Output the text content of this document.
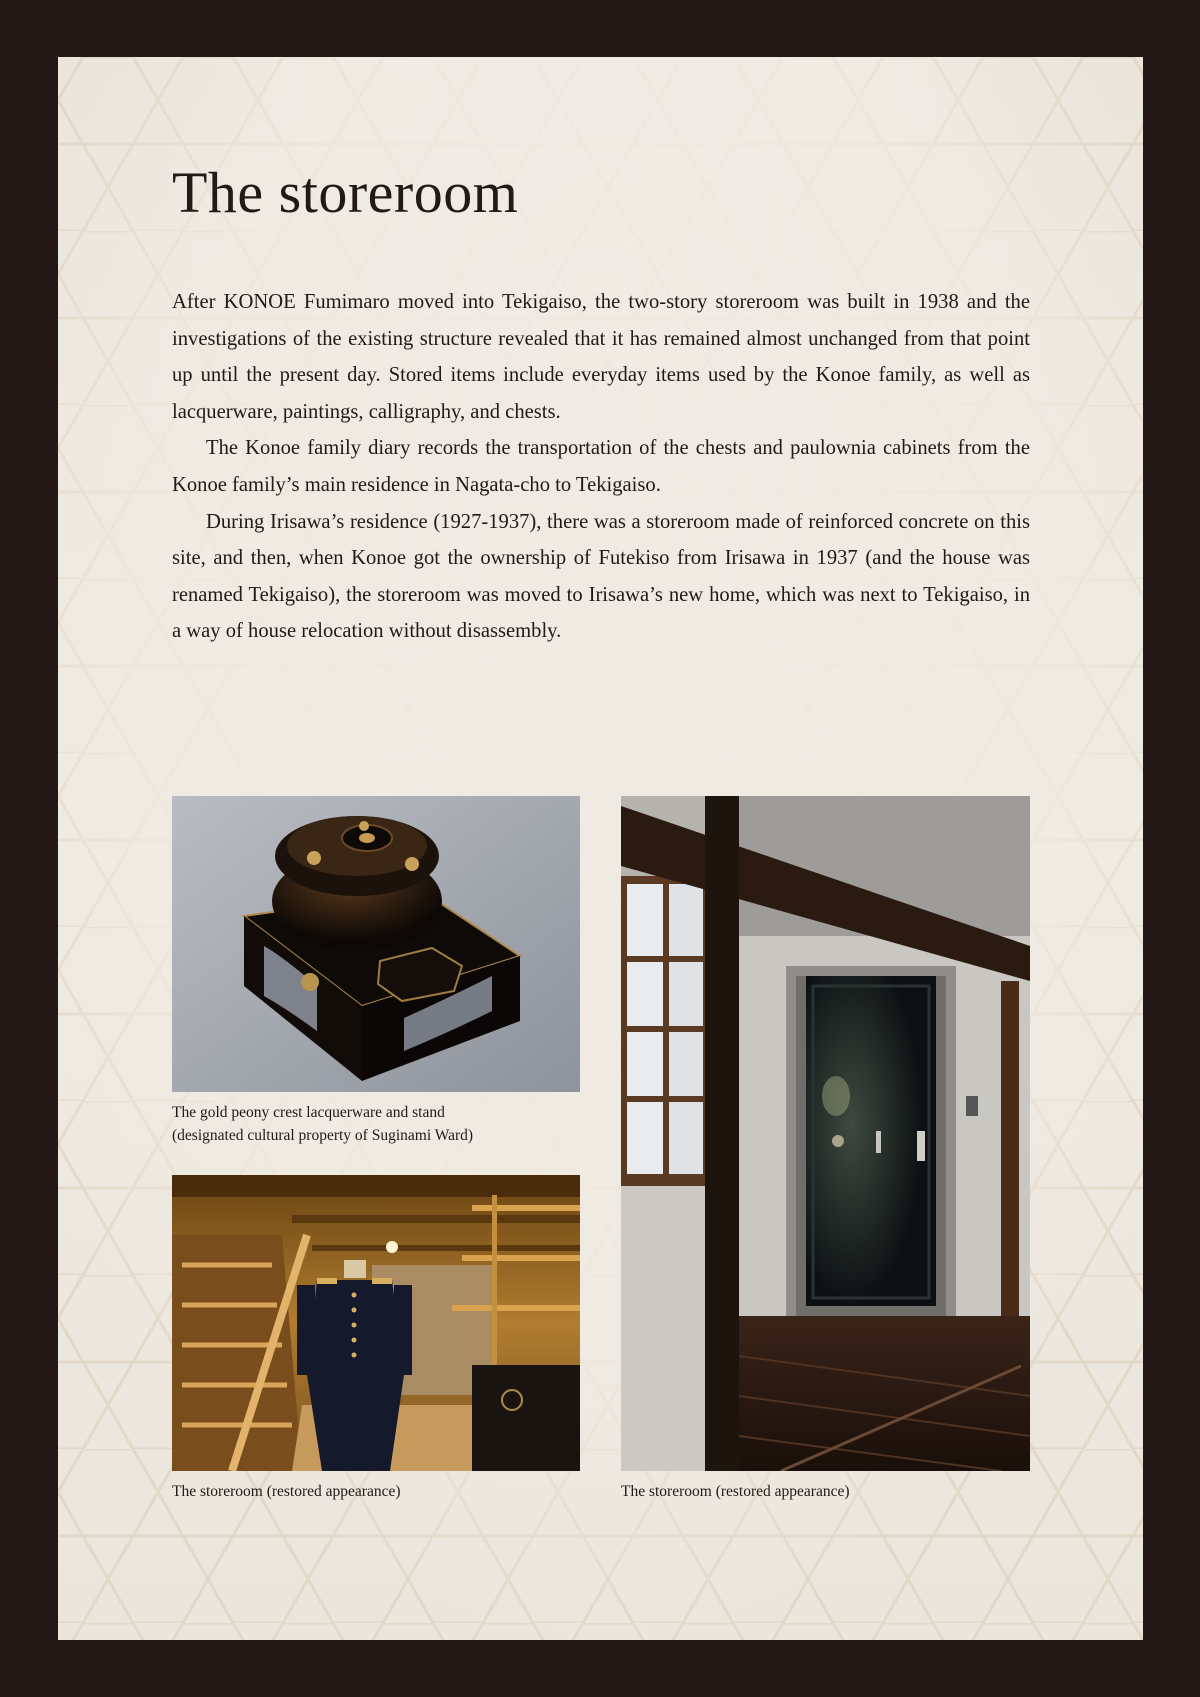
The storeroom

After KONOE Fumimaro moved into Tekigaiso, the two-story storeroom was built in 1938 and the investigations of the existing structure revealed that it has remained almost unchanged from that point up until the present day. Stored items include everyday items used by the Konoe family, as well as lacquerware, paintings, calligraphy, and chests.

The Konoe family diary records the transportation of the chests and paulownia cabinets from the Konoe family’s main residence in Nagata-cho to Tekigaiso.

During Irisawa’s residence (1927-1937), there was a storeroom made of reinforced concrete on this site, and then, when Konoe got the ownership of Futekiso from Irisawa in 1937 (and the house was renamed Tekigaiso), the storeroom was moved to Irisawa’s new home, which was next to Tekigaiso, in a way of house relocation without disassembly.

The gold peony crest lacquerware and stand
(designated cultural property of Suginami Ward)
The storeroom (restored appearance)	The storeroom (restored appearance)
